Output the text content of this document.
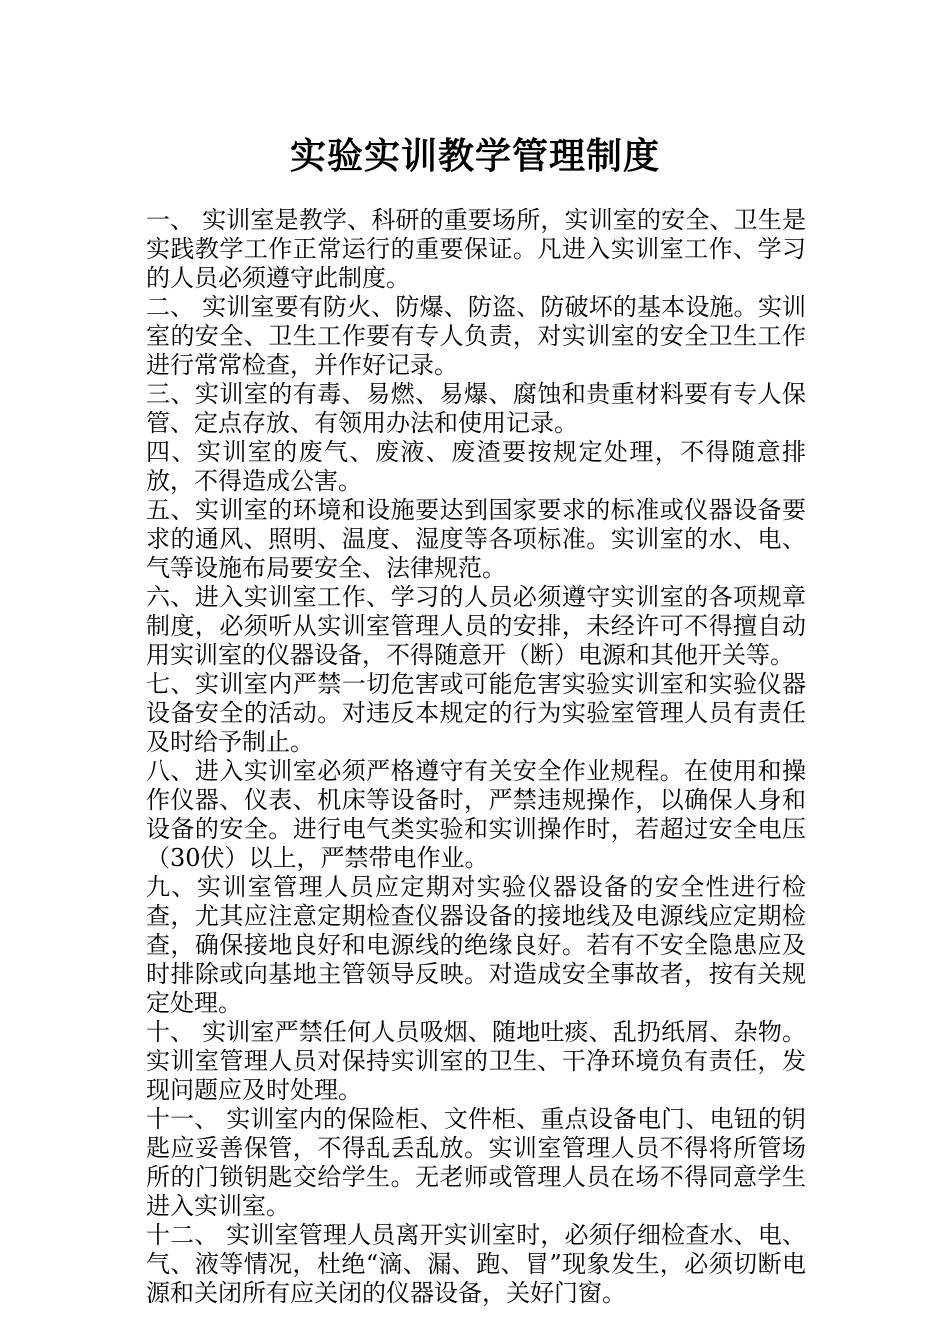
实验实训教学管理制度

一、 实训室是教学、科研的重要场所，实训室的安全、卫生是实践教学工作正常运行的重要保证。凡进入实训室工作、学习的人员必须遵守此制度。

二、 实训室要有防火、防爆、防盗、防破坏的基本设施。实训室的安全、卫生工作要有专人负责，对实训室的安全卫生工作进行常常检查，并作好记录。

三、实训室的有毒、易燃、易爆、腐蚀和贵重材料要有专人保管、定点存放、有领用办法和使用记录。

四、实训室的废气、废液、废渣要按规定处理，不得随意排放，不得造成公害。

五、实训室的环境和设施要达到国家要求的标准或仪器设备要求的通风、照明、温度、湿度等各项标准。实训室的水、电、气等设施布局要安全、法律规范。

六、进入实训室工作、学习的人员必须遵守实训室的各项规章制度，必须听从实训室管理人员的安排，未经许可不得擅自动用实训室的仪器设备，不得随意开（断）电源和其他开关等。

七、实训室内严禁一切危害或可能危害实验实训室和实验仪器设备安全的活动。对违反本规定的行为实验室管理人员有责任及时给予制止。

八、进入实训室必须严格遵守有关安全作业规程。在使用和操作仪器、仪表、机床等设备时，严禁违规操作，以确保人身和设备的安全。进行电气类实验和实训操作时，若超过安全电压（30伏）以上，严禁带电作业。

九、实训室管理人员应定期对实验仪器设备的安全性进行检查，尤其应注意定期检查仪器设备的接地线及电源线应定期检查，确保接地良好和电源线的绝缘良好。若有不安全隐患应及时排除或向基地主管领导反映。对造成安全事故者，按有关规定处理。

十、 实训室严禁任何人员吸烟、随地吐痰、乱扔纸屑、杂物。实训室管理人员对保持实训室的卫生、干净环境负有责任，发现问题应及时处理。

十一、 实训室内的保险柜、文件柜、重点设备电门、电钮的钥匙应妥善保管，不得乱丢乱放。实训室管理人员不得将所管场所的门锁钥匙交给学生。无老师或管理人员在场不得同意学生进入实训室。

十二、 实训室管理人员离开实训室时，必须仔细检查水、电、气、液等情况，杜绝“滴、漏、跑、冒”现象发生，必须切断电源和关闭所有应关闭的仪器设备，关好门窗。
